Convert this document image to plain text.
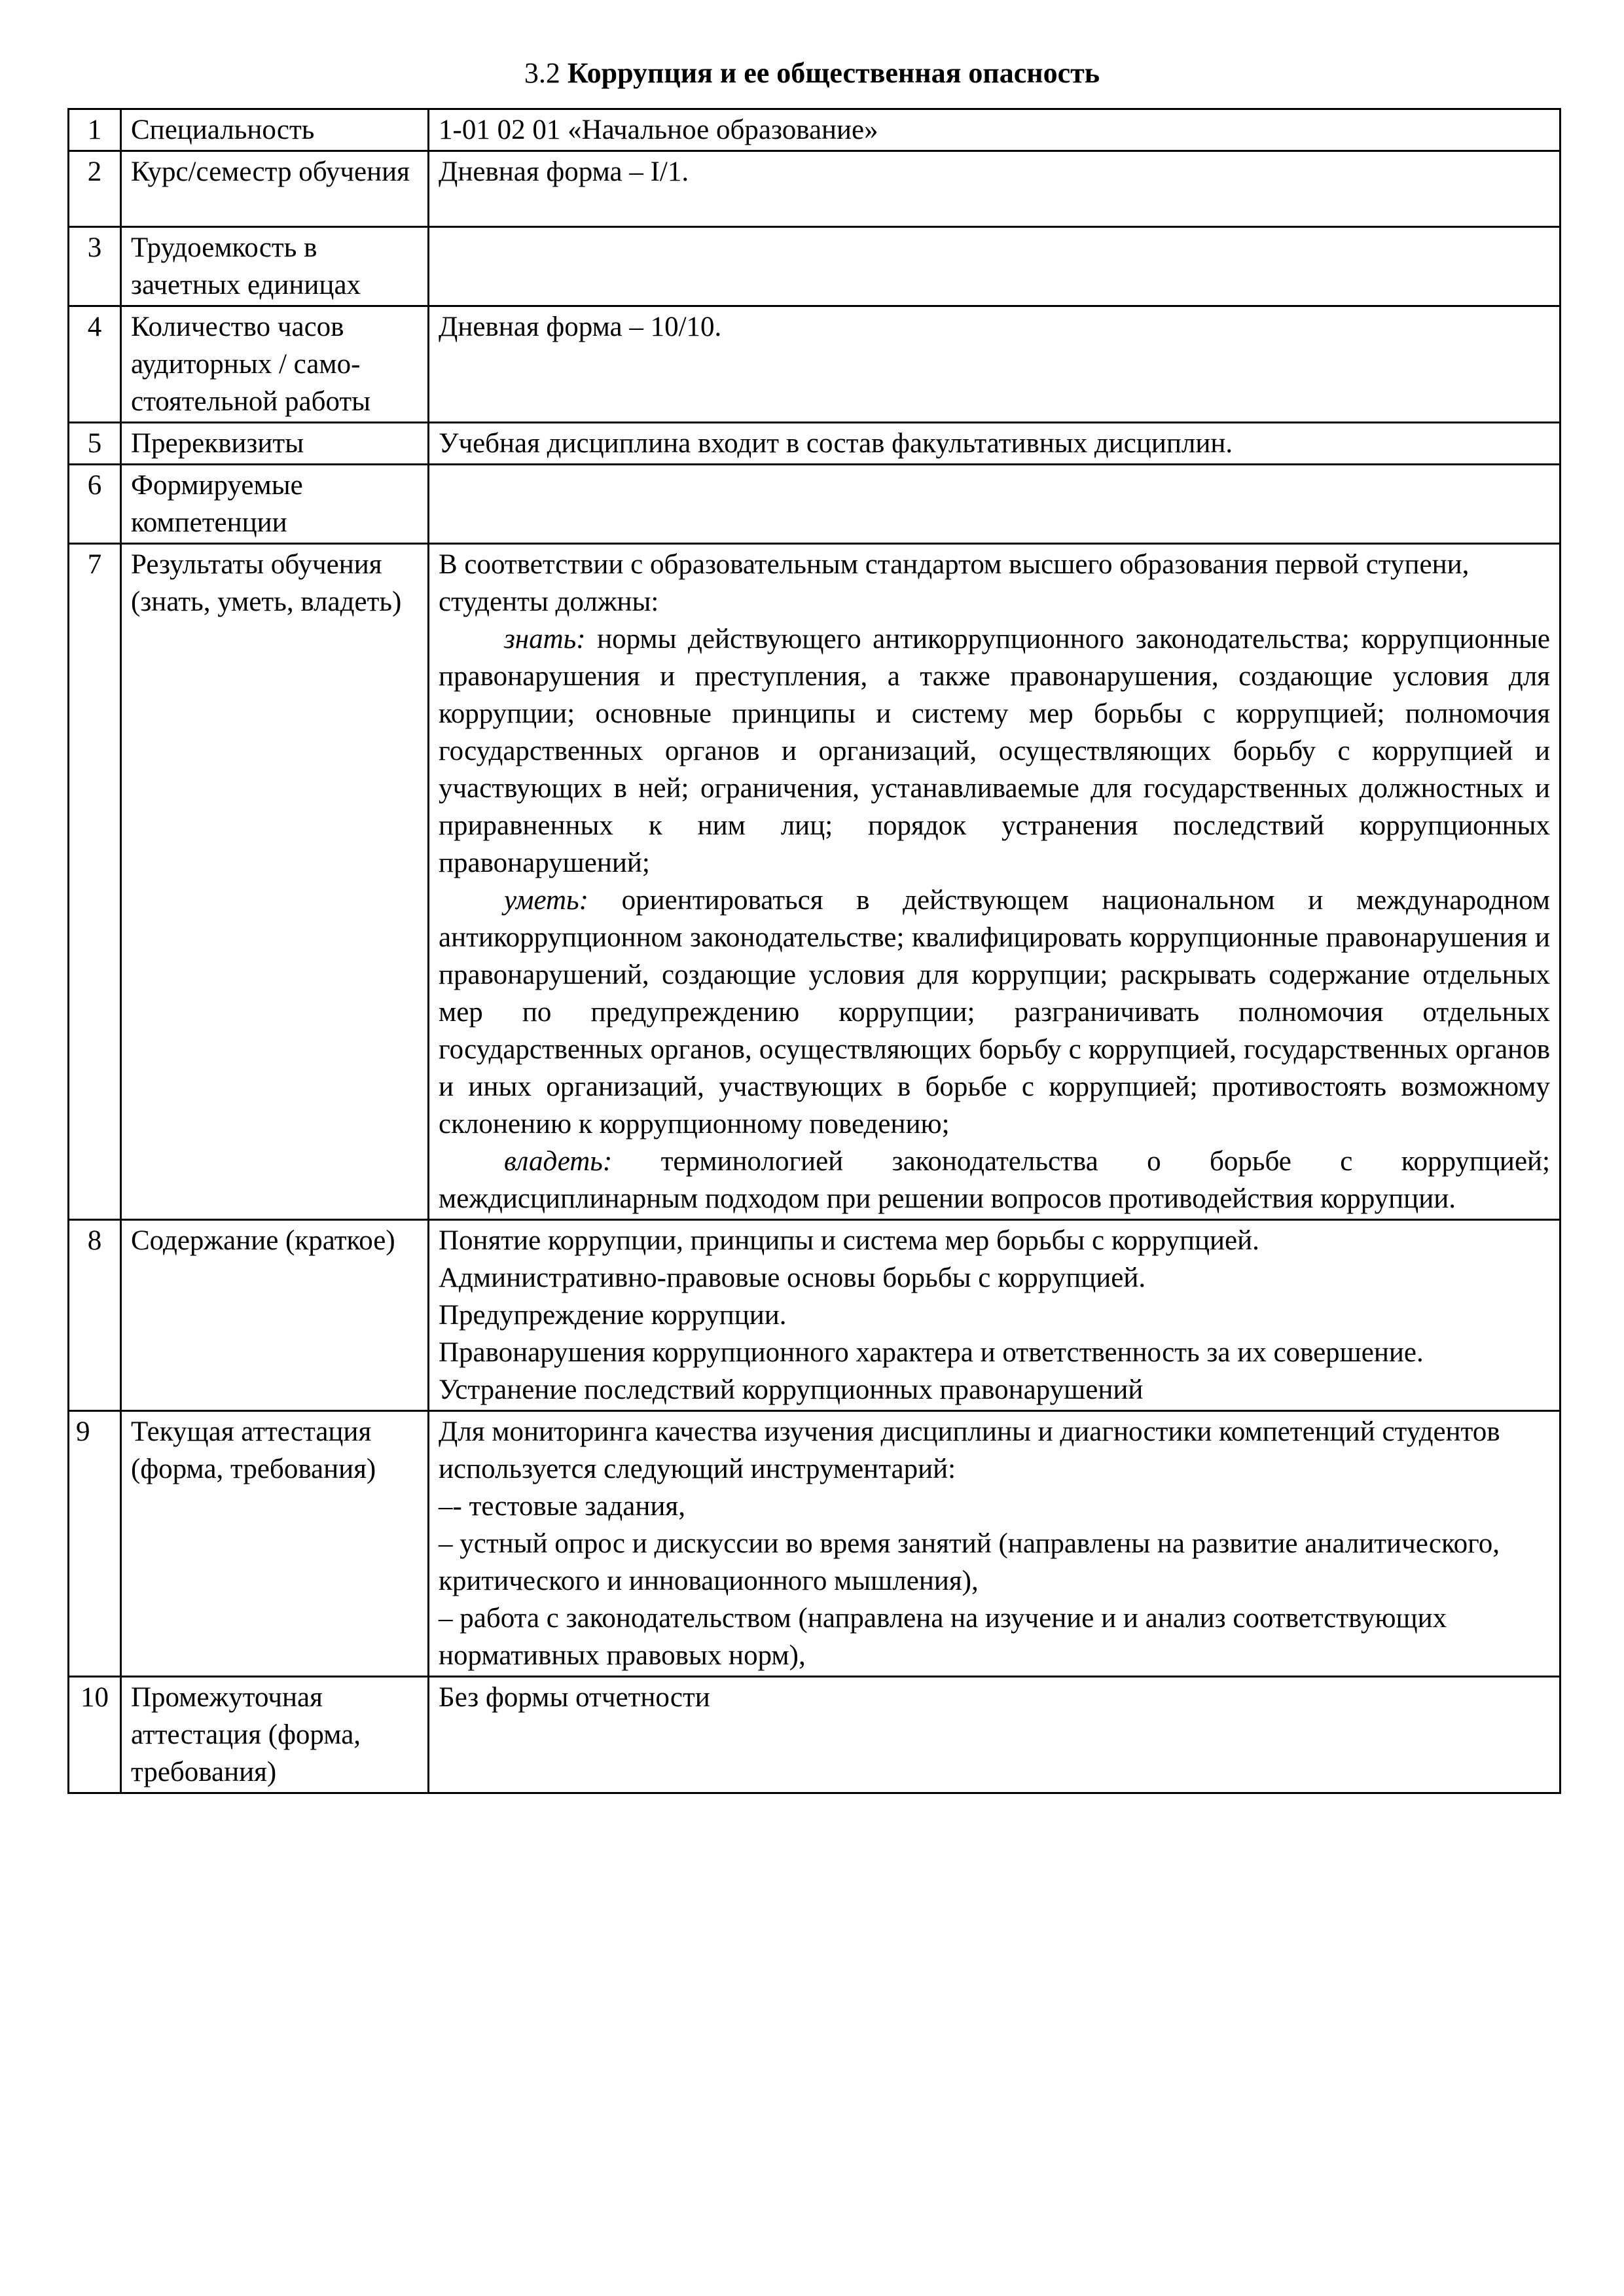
3.2 Коррупция и ее общественная опасность
1	Специальность	1-01 02 01 «Начальное образование»
2	Курс/семестр обучения	Дневная форма – I/1.
3	Трудоемкость в зачетных единицах	
4	Количество часов аудиторных / само-стоятельной работы	Дневная форма – 10/10.
5	Пререквизиты	Учебная дисциплина входит в состав факультативных дисциплин.
6	Формируемые компетенции	
7	Результаты обучения (знать, уметь, владеть)	В соответствии с образовательным стандартом высшего образования первой ступени, студенты должны:
знать: нормы действующего антикоррупционного законодательства; коррупционные правонарушения и преступления, а также правонарушения, создающие условия для коррупции; основные принципы и систему мер борьбы с коррупцией; полномочия государственных органов и организаций, осуществляющих борьбу с коррупцией и участвующих в ней; ограничения, устанавливаемые для государственных должностных и приравненных к ним лиц; порядок устранения последствий коррупционных правонарушений;
уметь: ориентироваться в действующем национальном и международном антикоррупционном законодательстве; квалифицировать коррупционные правонарушения и правонарушений, создающие условия для коррупции; раскрывать содержание отдельных мер по предупреждению коррупции; разграничивать полномочия отдельных государственных органов, осуществляющих борьбу с коррупцией, государственных органов и иных организаций, участвующих в борьбе с коррупцией; противостоять возможному склонению к коррупционному поведению;
владеть: терминологией законодательства о борьбе с коррупцией; междисциплинарным подходом при решении вопросов противодействия коррупции.

8	Содержание (краткое)	Понятие коррупции, принципы и система мер борьбы с коррупцией.
Административно-правовые основы борьбы с коррупцией.
Предупреждение коррупции.
Правонарушения коррупционного характера и ответственность за их совершение.
Устранение последствий коррупционных правонарушений

9	Текущая аттестация (форма, требования)	Для мониторинга качества изучения дисциплины и диагностики компетенций студентов используется следующий инструментарий:
–- тестовые задания,
– устный опрос и дискуссии во время занятий (направлены на развитие аналитического, критического и инновационного мышления),
– работа с законодательством (направлена на изучение и и анализ соответствующих нормативных правовых норм),

10	Промежуточная аттестация (форма, требования)	Без формы отчетности
